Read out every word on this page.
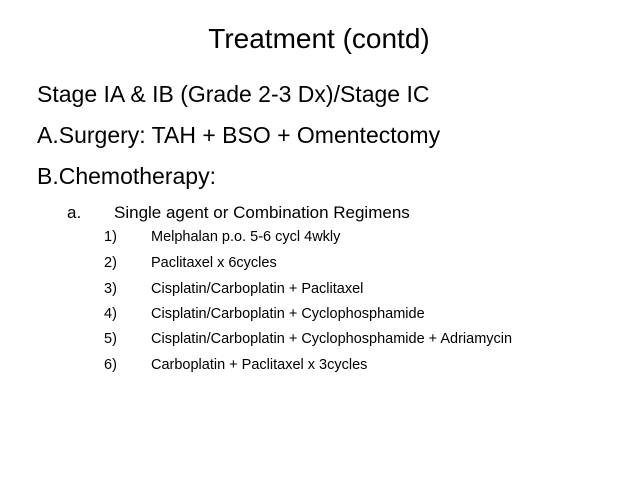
Treatment (contd)
Stage IA & IB (Grade 2-3 Dx)/Stage IC
A.Surgery: TAH + BSO + Omentectomy
B.Chemotherapy:
a. Single agent or Combination Regimens
1) Melphalan p.o. 5-6 cycl 4wkly
2) Paclitaxel x 6cycles
3) Cisplatin/Carboplatin + Paclitaxel
4) Cisplatin/Carboplatin + Cyclophosphamide
5) Cisplatin/Carboplatin + Cyclophosphamide + Adriamycin
6) Carboplatin + Paclitaxel x 3cycles
